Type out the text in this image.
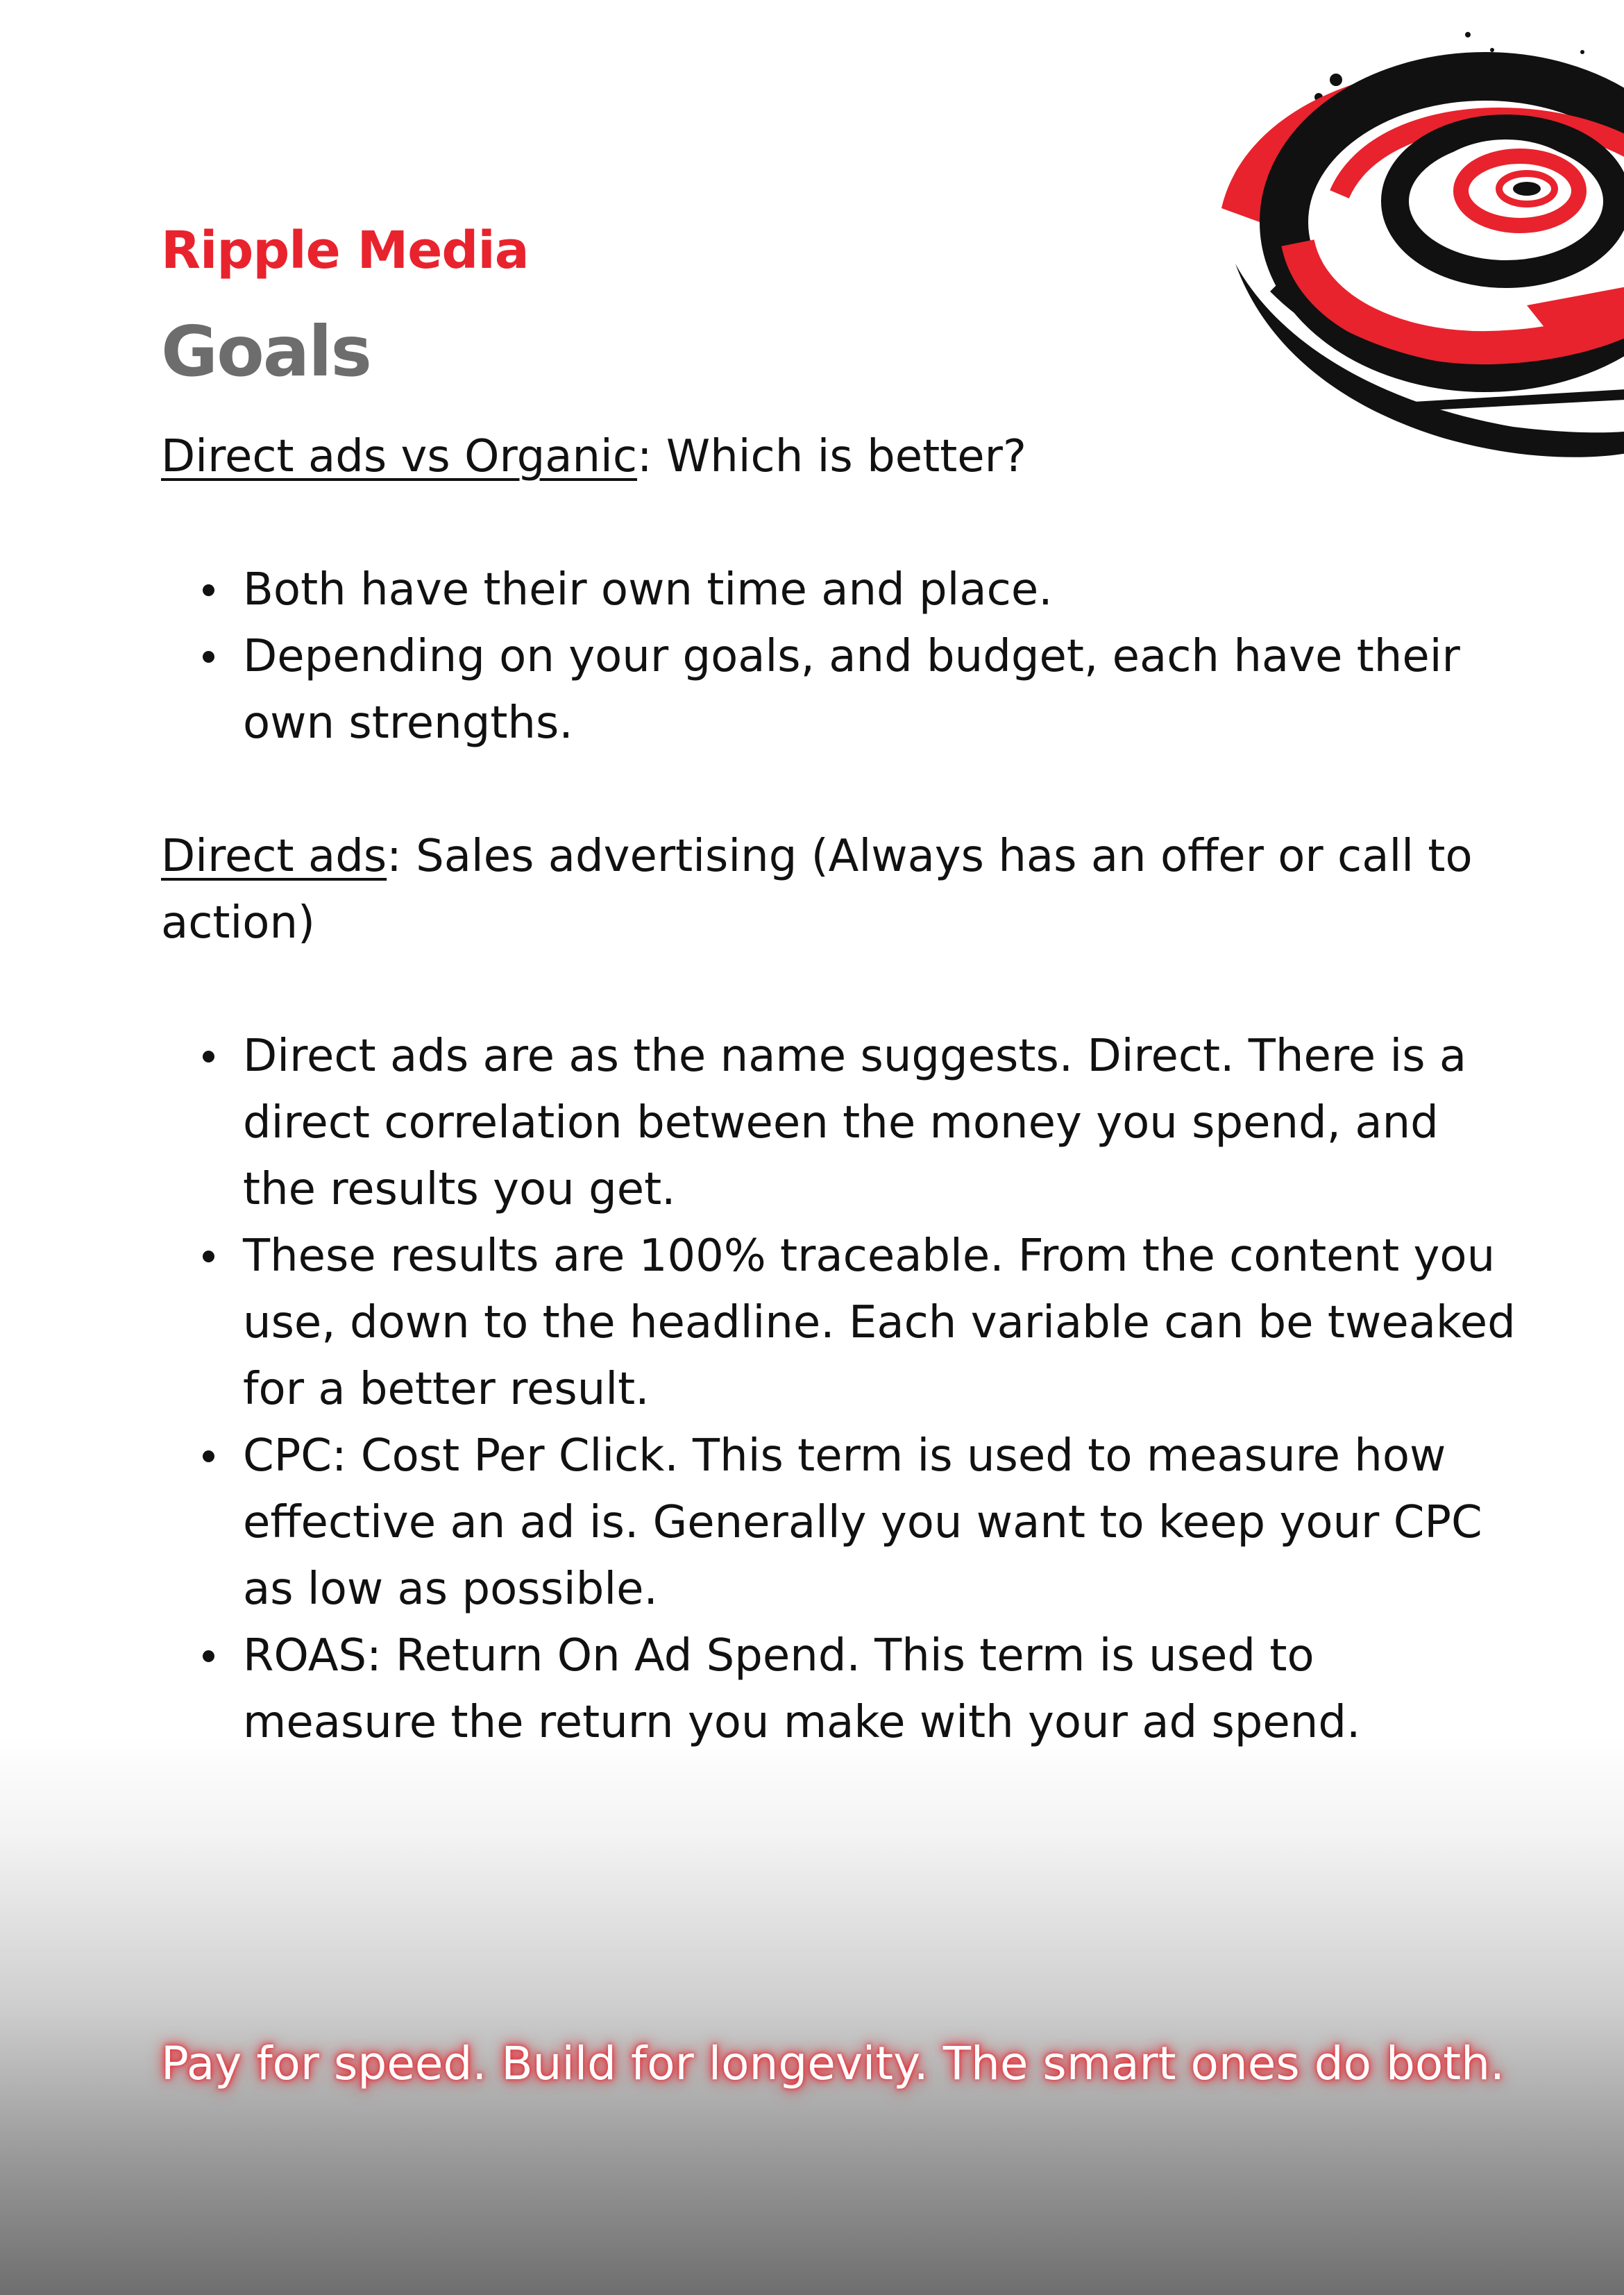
Ripple Media
Goals

Direct ads vs Organic: Which is better?

Both have their own time and place.
Depending on your goals, and budget, each have their own strengths.

Direct ads: Sales advertising (Always has an offer or call to action)

Direct ads are as the name suggests. Direct. There is a direct correlation between the money you spend, and the results you get.
These results are 100% traceable. From the content you use, down to the headline. Each variable can be tweaked for a better result.
CPC: Cost Per Click. This term is used to measure how effective an ad is. Generally you want to keep your CPC as low as possible.
ROAS: Return On Ad Spend. This term is used to measure the return you make with your ad spend.
Pay for speed. Build for longevity. The smart ones do both.
